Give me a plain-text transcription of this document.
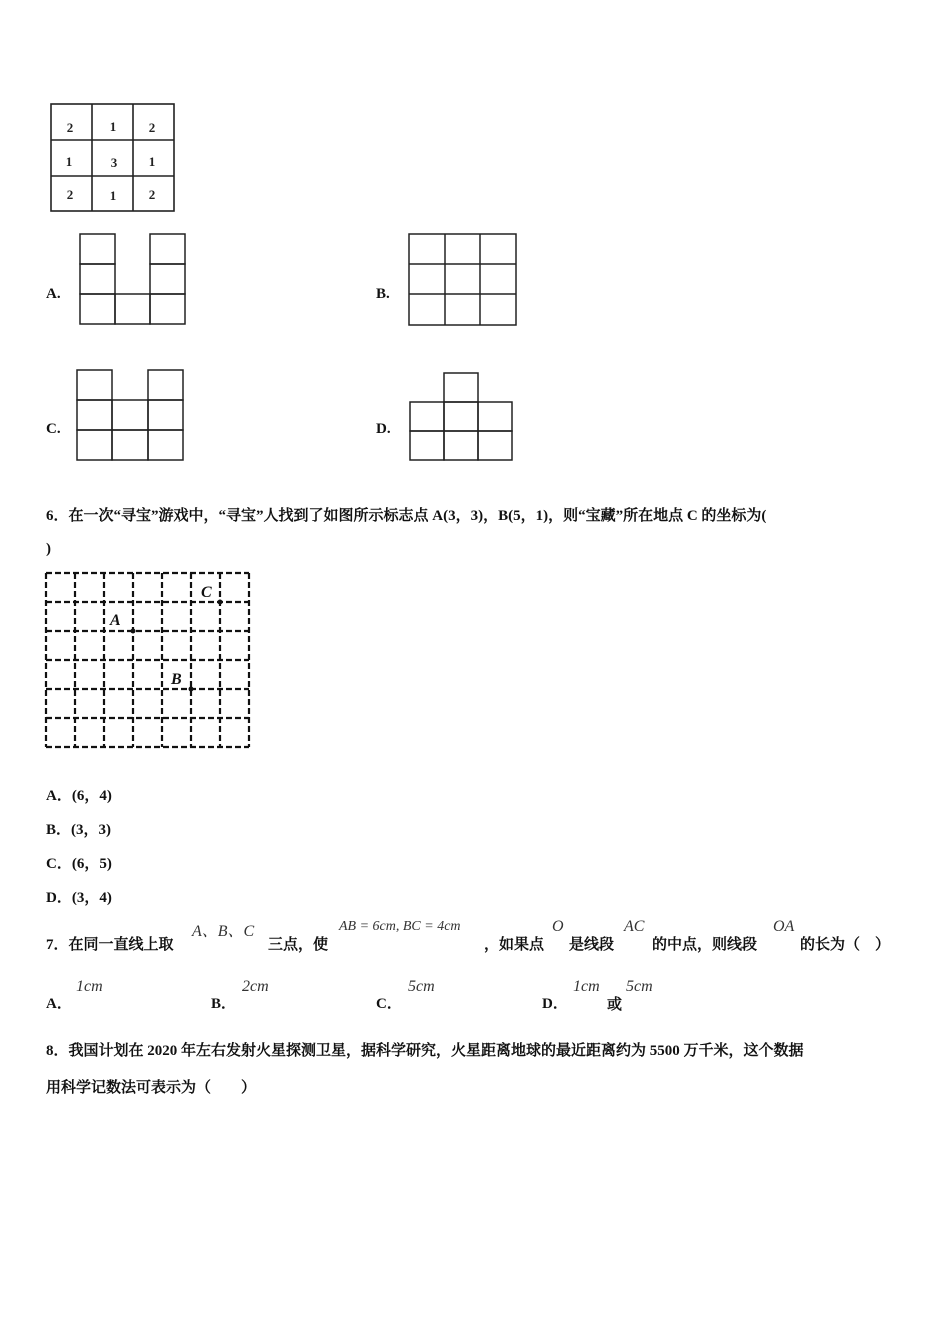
2	1	2
1	3 1
2	1	2
A.	B.
C.	D.
6．在一次“寻宝”游戏中，“寻宝”人找到了如图所示标志点 A(3，3)，B(5，1)，则“宝藏”所在地点 C 的坐标为(
)
A
B
C
A．(6，4)
B．(3，3)
C．(6，5)
D．(3，4)
7．在同一直线上取
A、B、C
三点，使
AB = 6cm, BC = 4cm
，如果点
O
是线段
AC
的中点，则线段
OA
的长为（　）
A．
1cm
B．
2cm
C．
5cm
D．
1cm
或
5cm
8．我国计划在 2020 年左右发射火星探测卫星，据科学研究，火星距离地球的最近距离约为 5500 万千米，这个数据
用科学记数法可表示为（　　）
